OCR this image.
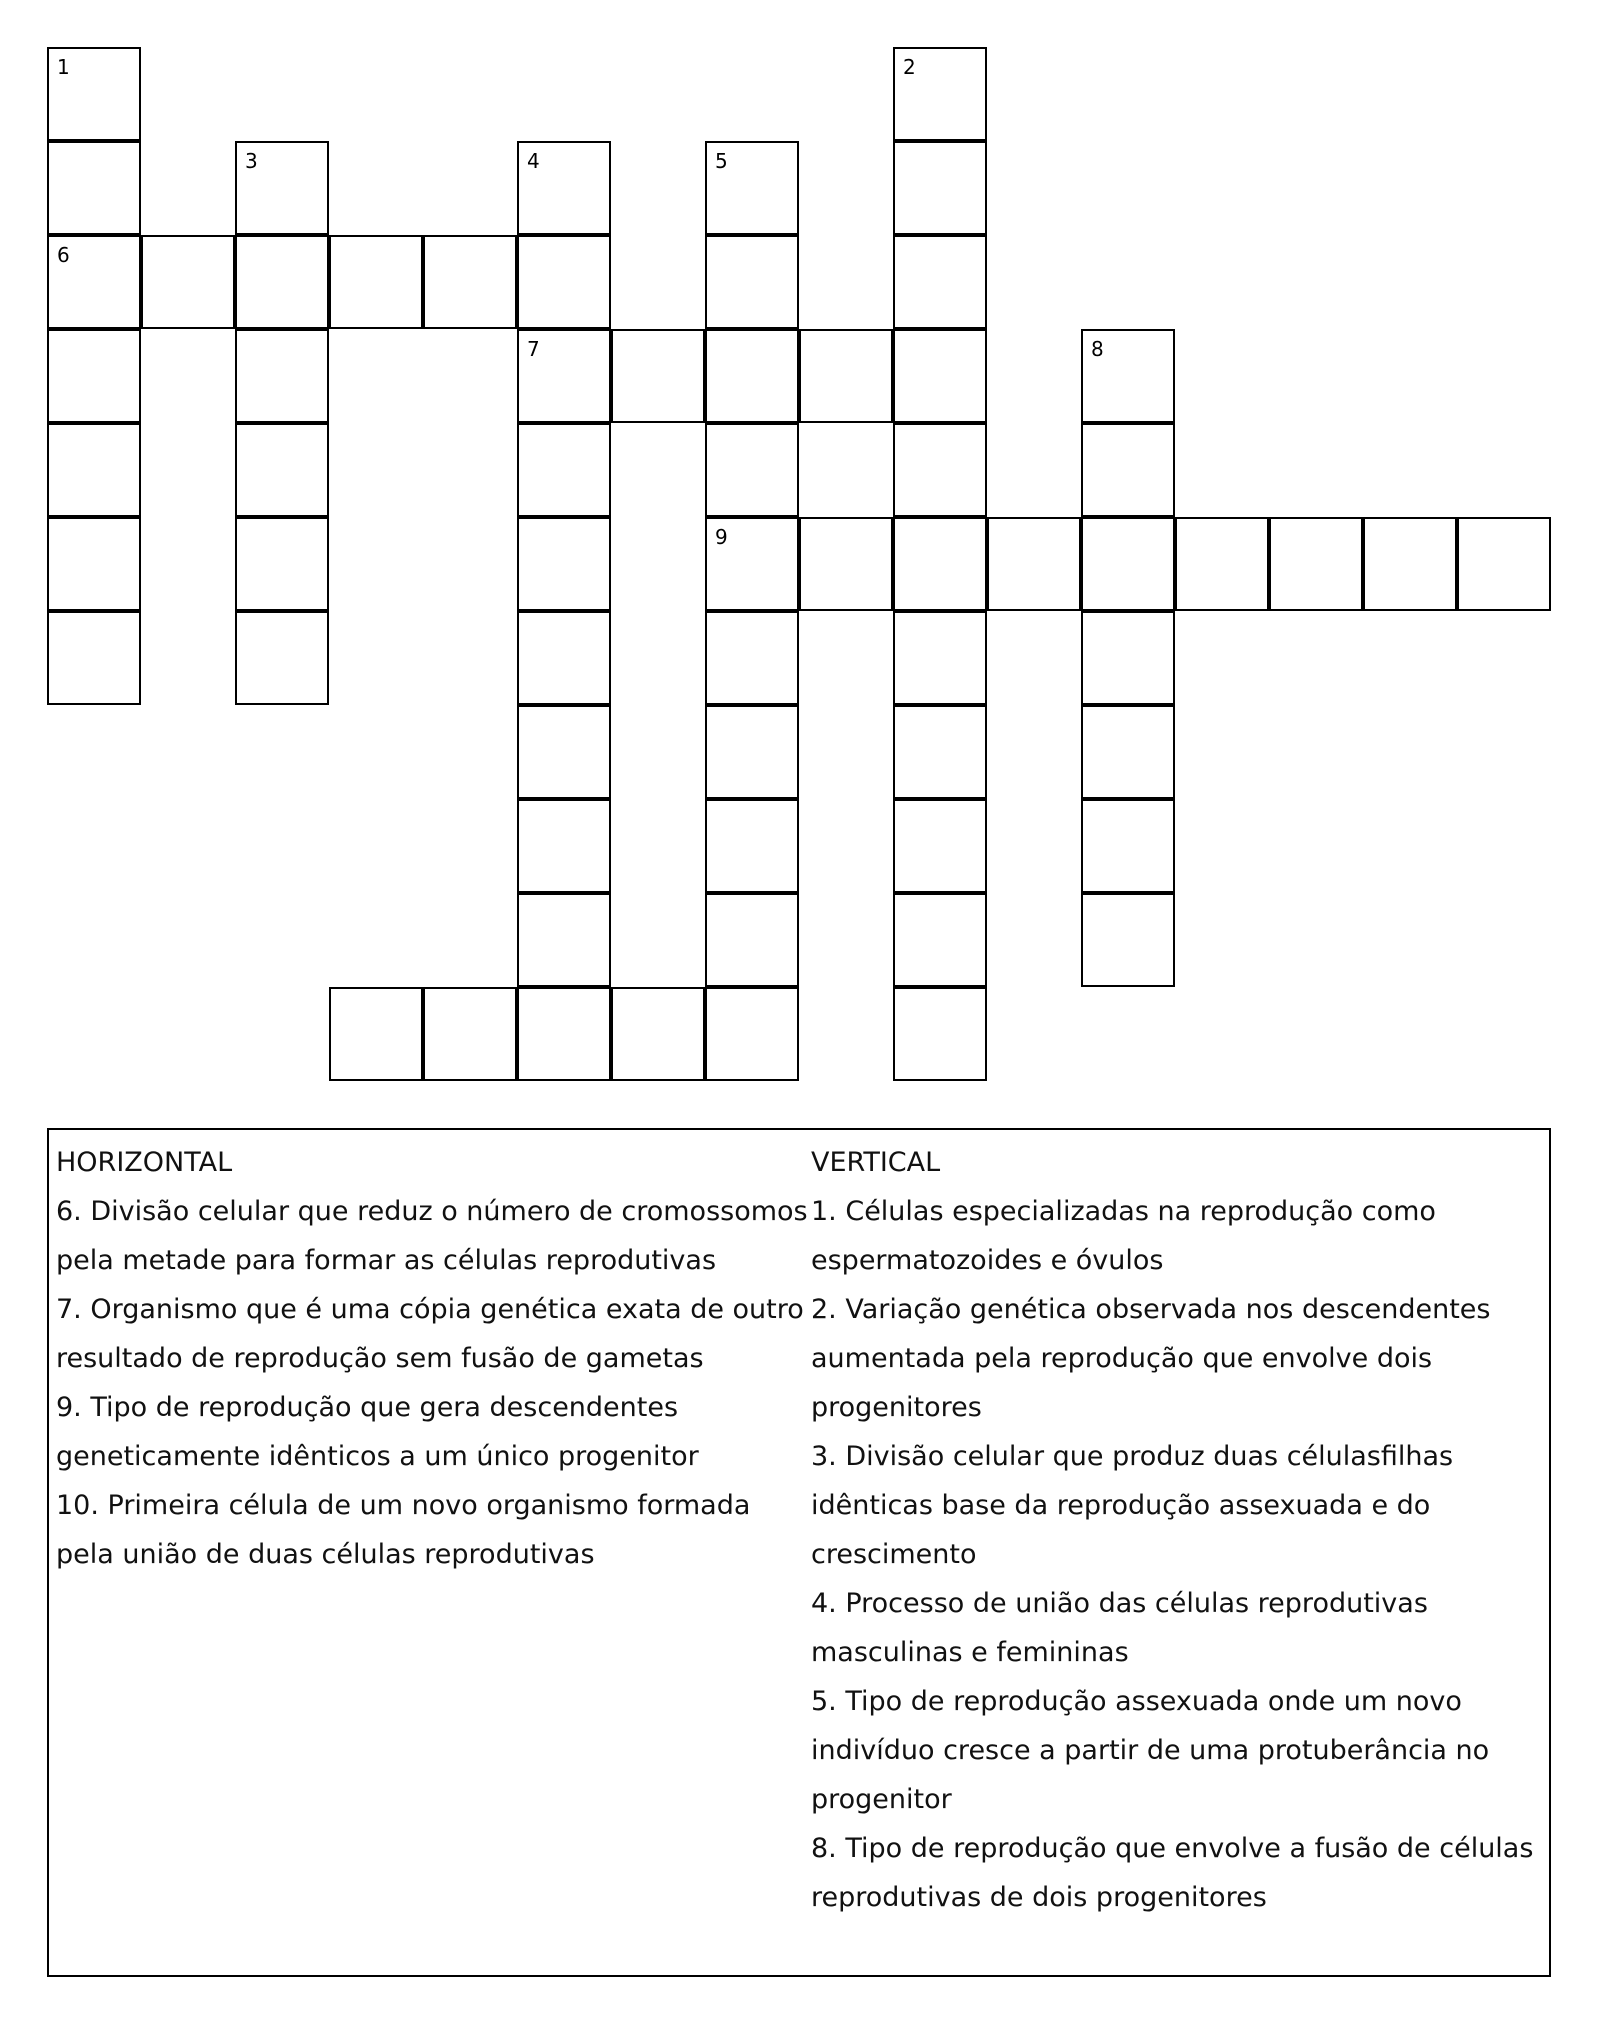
1
6
2
3	4
7
5
9
8
HORIZONTAL
6. Divisão celular que reduz o número de cromossomos
pela metade para formar as células reprodutivas
7. Organismo que é uma cópia genética exata de outro
resultado de reprodução sem fusão de gametas
9. Tipo de reprodução que gera descendentes
geneticamente idênticos a um único progenitor
10. Primeira célula de um novo organismo formada
pela união de duas células reprodutivas
VERTICAL
1. Células especializadas na reprodução como
espermatozoides e óvulos
2. Variação genética observada nos descendentes
aumentada pela reprodução que envolve dois
progenitores
3. Divisão celular que produz duas célulasfilhas
idênticas base da reprodução assexuada e do
crescimento
4. Processo de união das células reprodutivas
masculinas e femininas
5. Tipo de reprodução assexuada onde um novo
indivíduo cresce a partir de uma protuberância no
progenitor
8. Tipo de reprodução que envolve a fusão de células
reprodutivas de dois progenitores
